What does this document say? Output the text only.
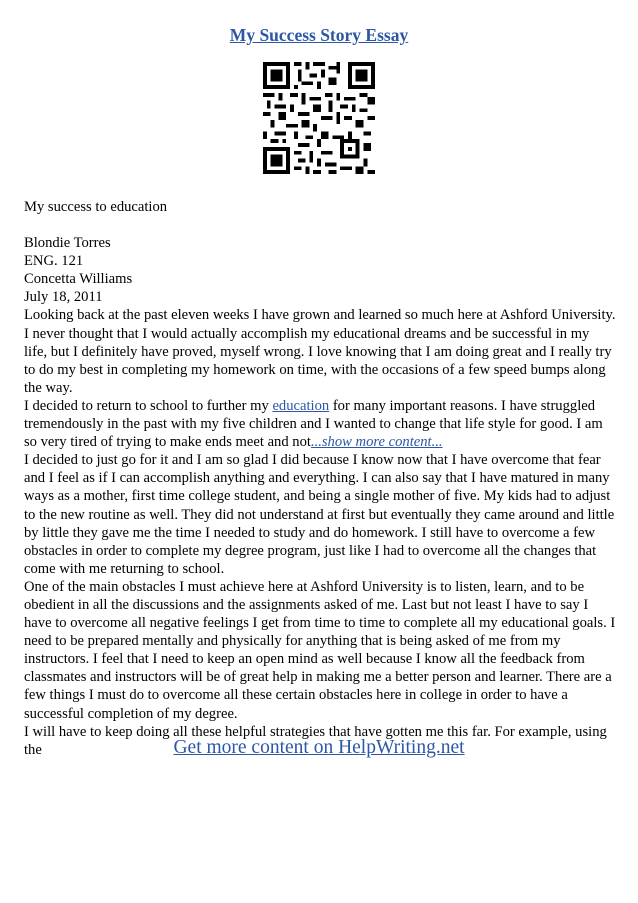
My Success Story Essay

My success to education

Blondie Torres

ENG. 121

Concetta Williams

July 18, 2011

Looking back at the past eleven weeks I have grown and learned so much here at Ashford University. I never thought that I would actually accomplish my educational dreams and be successful in my life, but I definitely have proved, myself wrong. I love knowing that I am doing great and I really try to do my best in completing my homework on time, with the occasions of a few speed bumps along the way.

I decided to return to school to further my education for many important reasons. I have struggled tremendously in the past with my five children and I wanted to change that life style for good. I am so very tired of trying to make ends meet and not...show more content...

I decided to just go for it and I am so glad I did because I know now that I have overcome that fear and I feel as if I can accomplish anything and everything. I can also say that I have matured in many ways as a mother, first time college student, and being a single mother of five. My kids had to adjust to the new routine as well. They did not understand at first but eventually they came around and little by little they gave me the time I needed to study and do homework. I still have to overcome a few obstacles in order to complete my degree program, just like I had to overcome all the changes that come with me returning to school.

One of the main obstacles I must achieve here at Ashford University is to listen, learn, and to be obedient in all the discussions and the assignments asked of me. Last but not least I have to say I have to overcome all negative feelings I get from time to time to complete all my educational goals. I need to be prepared mentally and physically for anything that is being asked of me from my instructors. I feel that I need to keep an open mind as well because I know all the feedback from classmates and instructors will be of great help in making me a better person and learner. There are a few things I must do to overcome all these certain obstacles here in college in order to have a successful completion of my degree.

I will have to keep doing all these helpful strategies that have gotten me this far. For example, using the	Get more content on HelpWriting.net
